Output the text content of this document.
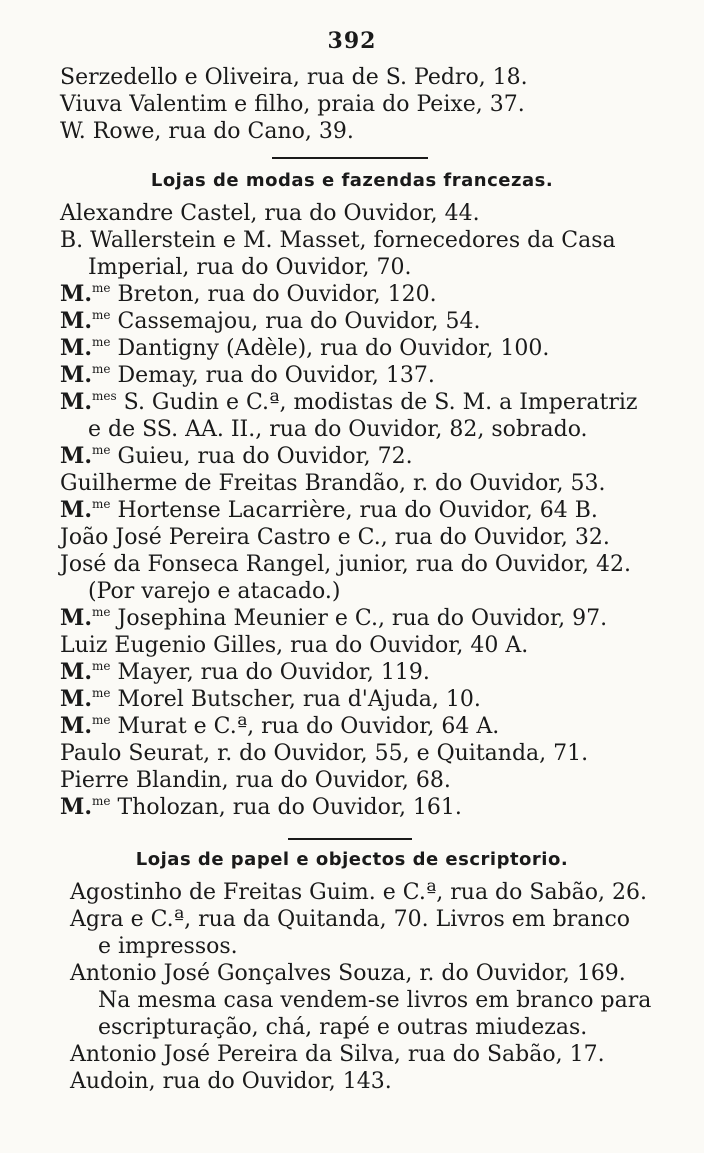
392
Serzedello e Oliveira, rua de S. Pedro, 18.
Viuva Valentim e filho, praia do Peixe, 37.
W. Rowe, rua do Cano, 39.
Lojas de modas e fazendas francezas.
Alexandre Castel, rua do Ouvidor, 44.
B. Wallerstein e M. Masset, fornecedores da Casa
Imperial, rua do Ouvidor, 70.
M.$^{me}$ Breton, rua do Ouvidor, 120.
M.$^{me}$ Cassemajou, rua do Ouvidor, 54.
M.$^{me}$ Dantigny (Adèle), rua do Ouvidor, 100.
M.$^{me}$ Demay, rua do Ouvidor, 137.
M.$^{mes}$ S. Gudin e C.ª, modistas de S. M. a Imperatriz
e de SS. AA. II., rua do Ouvidor, 82, sobrado.
M.$^{me}$ Guieu, rua do Ouvidor, 72.
Guilherme de Freitas Brandão, r. do Ouvidor, 53.
M.$^{me}$ Hortense Lacarrière, rua do Ouvidor, 64 B.
João José Pereira Castro e C., rua do Ouvidor, 32.
José da Fonseca Rangel, junior, rua do Ouvidor, 42.
(Por varejo e atacado.)
M.$^{me}$ Josephina Meunier e C., rua do Ouvidor, 97.
Luiz Eugenio Gilles, rua do Ouvidor, 40 A.
M.$^{me}$ Mayer, rua do Ouvidor, 119.
M.$^{me}$ Morel Butscher, rua d'Ajuda, 10.
M.$^{me}$ Murat e C.ª, rua do Ouvidor, 64 A.
Paulo Seurat, r. do Ouvidor, 55, e Quitanda, 71.
Pierre Blandin, rua do Ouvidor, 68.
M.$^{me}$ Tholozan, rua do Ouvidor, 161.
Lojas de papel e objectos de escriptorio.
Agostinho de Freitas Guim. e C.ª, rua do Sabão, 26.
Agra e C.ª, rua da Quitanda, 70. Livros em branco
e impressos.
Antonio José Gonçalves Souza, r. do Ouvidor, 169.
Na mesma casa vendem-se livros em branco para
escripturação, chá, rapé e outras miudezas.
Antonio José Pereira da Silva, rua do Sabão, 17.
Audoin, rua do Ouvidor, 143.
